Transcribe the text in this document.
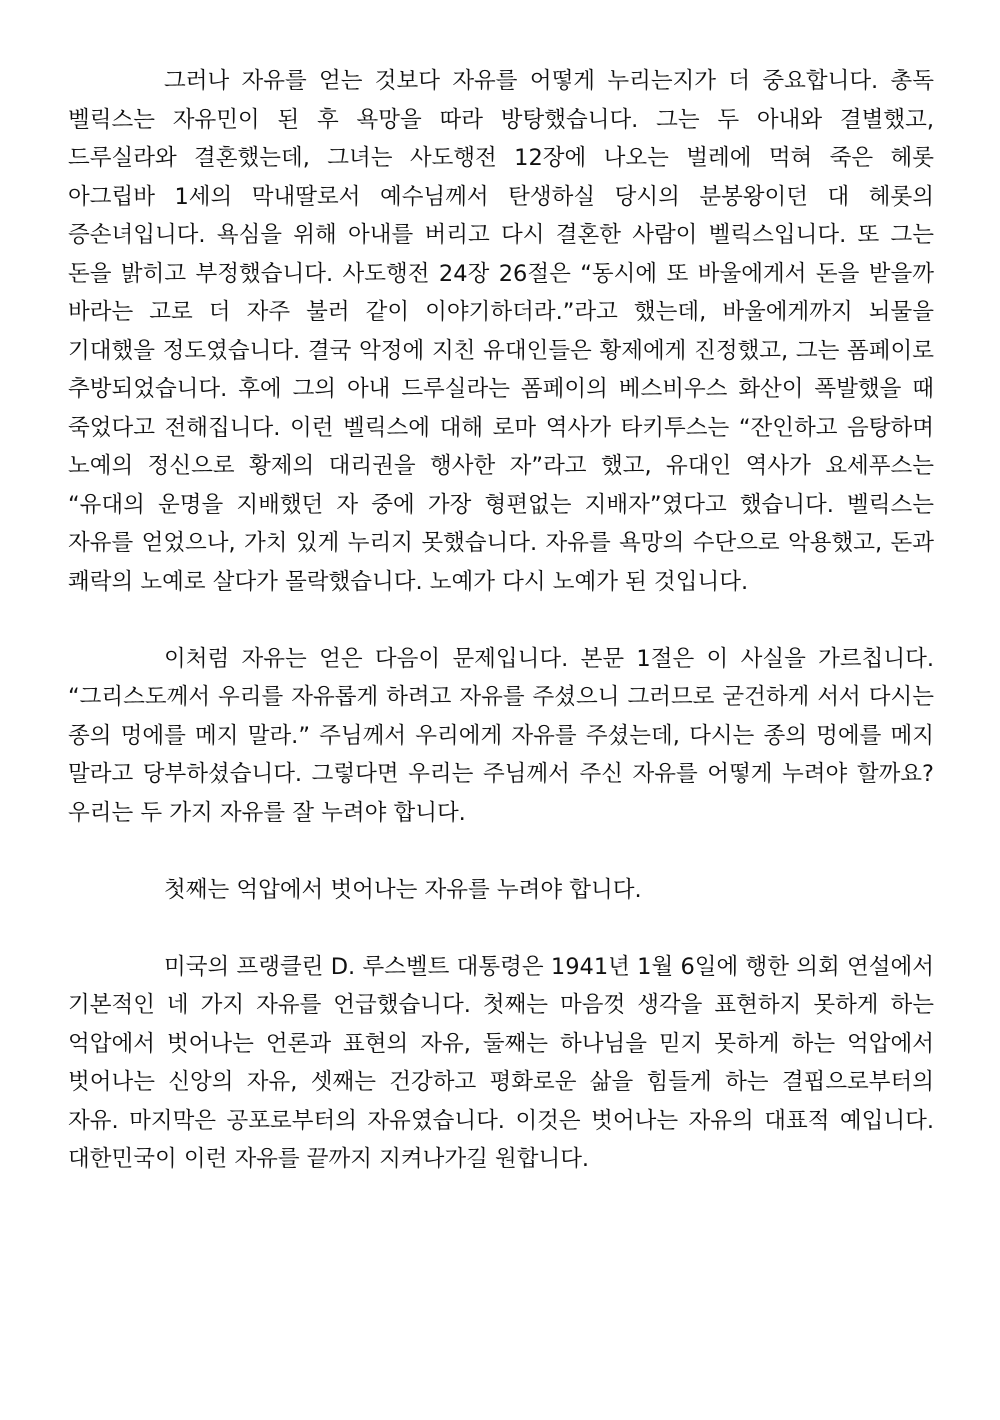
그러나 자유를 얻는 것보다 자유를 어떻게 누리는지가 더 중요합니다. 총독 벨릭스는 자유민이 된 후 욕망을 따라 방탕했습니다. 그는 두 아내와 결별했고, 드루실라와 결혼했는데, 그녀는 사도행전 12장에 나오는 벌레에 먹혀 죽은 헤롯 아그립바 1세의 막내딸로서 예수님께서 탄생하실 당시의 분봉왕이던 대 헤롯의 증손녀입니다. 욕심을 위해 아내를 버리고 다시 결혼한 사람이 벨릭스입니다. 또 그는 돈을 밝히고 부정했습니다. 사도행전 24장 26절은 “동시에 또 바울에게서 돈을 받을까 바라는 고로 더 자주 불러 같이 이야기하더라.”라고 했는데, 바울에게까지 뇌물을 기대했을 정도였습니다. 결국 악정에 지친 유대인들은 황제에게 진정했고, 그는 폼페이로 추방되었습니다. 후에 그의 아내 드루실라는 폼페이의 베스비우스 화산이 폭발했을 때 죽었다고 전해집니다. 이런 벨릭스에 대해 로마 역사가 타키투스는 “잔인하고 음탕하며 노예의 정신으로 황제의 대리권을 행사한 자”라고 했고, 유대인 역사가 요세푸스는 “유대의 운명을 지배했던 자 중에 가장 형편없는 지배자”였다고 했습니다. 벨릭스는 자유를 얻었으나, 가치 있게 누리지 못했습니다. 자유를 욕망의 수단으로 악용했고, 돈과 쾌락의 노예로 살다가 몰락했습니다. 노예가 다시 노예가 된 것입니다.

이처럼 자유는 얻은 다음이 문제입니다. 본문 1절은 이 사실을 가르칩니다. “그리스도께서 우리를 자유롭게 하려고 자유를 주셨으니 그러므로 굳건하게 서서 다시는 종의 멍에를 메지 말라.” 주님께서 우리에게 자유를 주셨는데, 다시는 종의 멍에를 메지 말라고 당부하셨습니다. 그렇다면 우리는 주님께서 주신 자유를 어떻게 누려야 할까요? 우리는 두 가지 자유를 잘 누려야 합니다.

첫째는 억압에서 벗어나는 자유를 누려야 합니다.

미국의 프랭클린 D. 루스벨트 대통령은 1941년 1월 6일에 행한 의회 연설에서 기본적인 네 가지 자유를 언급했습니다. 첫째는 마음껏 생각을 표현하지 못하게 하는 억압에서 벗어나는 언론과 표현의 자유, 둘째는 하나님을 믿지 못하게 하는 억압에서 벗어나는 신앙의 자유, 셋째는 건강하고 평화로운 삶을 힘들게 하는 결핍으로부터의 자유. 마지막은 공포로부터의 자유였습니다. 이것은 벗어나는 자유의 대표적 예입니다. 대한민국이 이런 자유를 끝까지 지켜나가길 원합니다.
